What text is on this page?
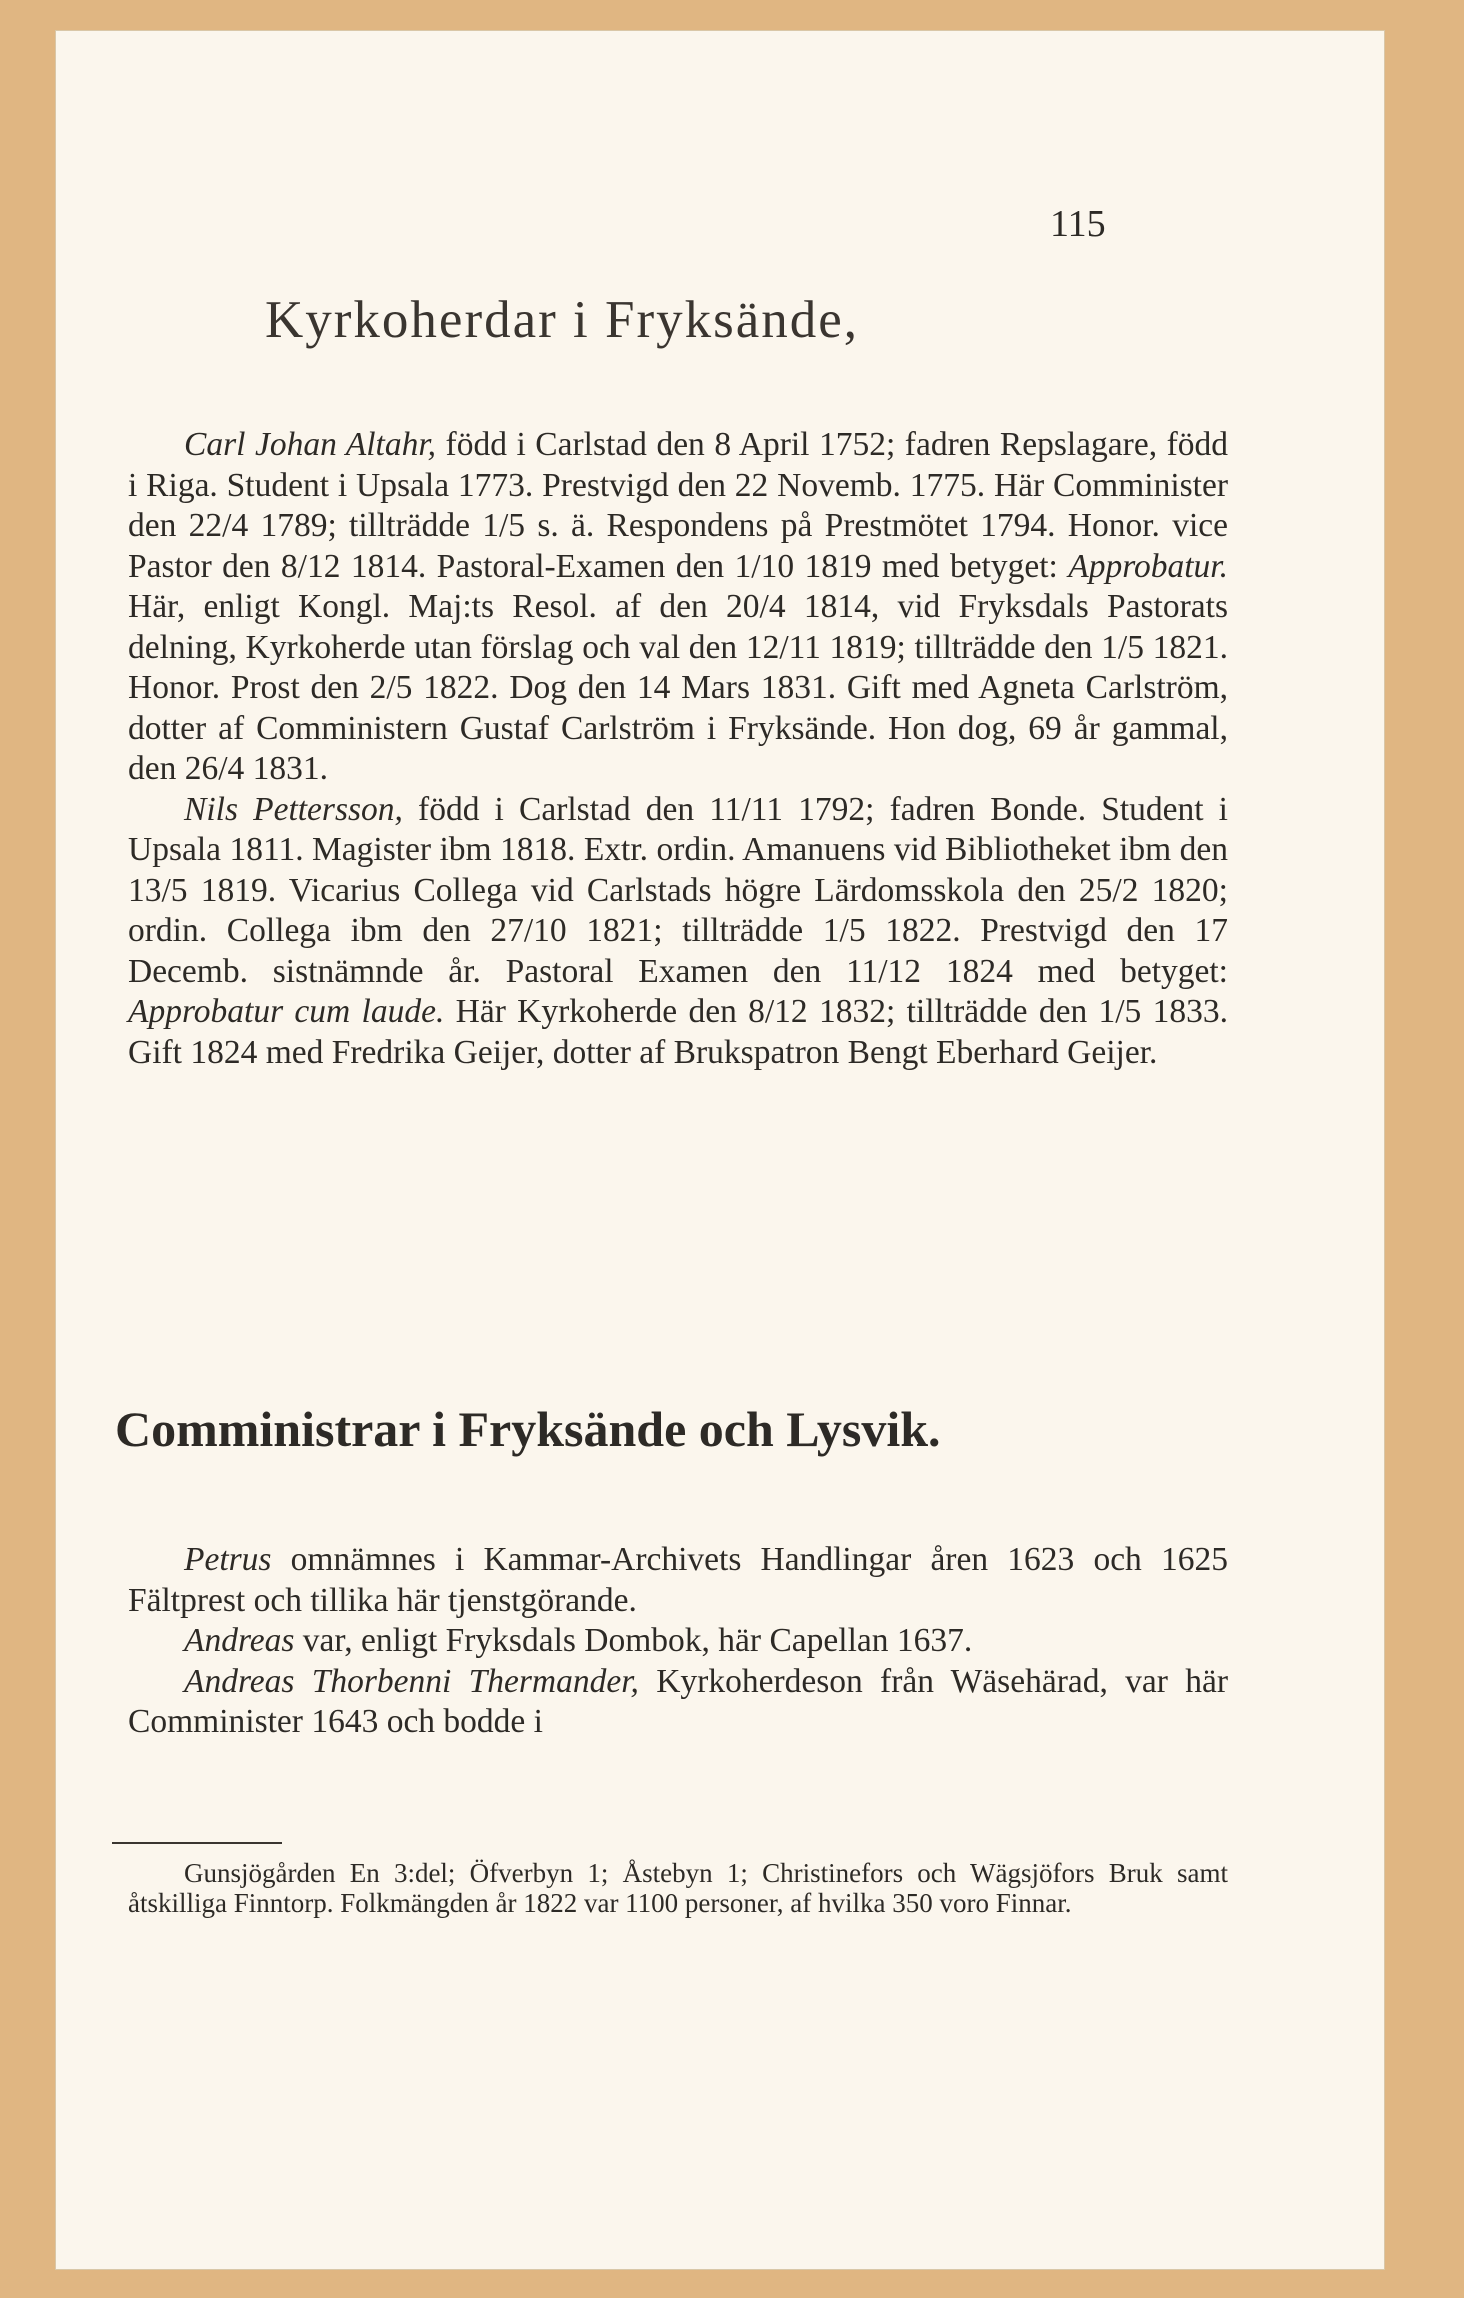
115
Kyrkoherdar i Fryksände,

Carl Johan Altahr, född i Carlstad den 8 April 1752; fadren Repslagare, född i Riga. Student i Upsala 1773. Prestvigd den 22 Novemb. 1775. Här Comminister den 22/4 1789; tillträdde 1/5 s. ä. Respondens på Prestmötet 1794. Honor. vice Pastor den 8/12 1814. Pastoral-Examen den 1/10 1819 med betyget: Approbatur. Här, enligt Kongl. Maj:ts Resol. af den 20/4 1814, vid Fryksdals Pastorats delning, Kyrkoherde utan förslag och val den 12/11 1819; tillträdde den 1/5 1821. Honor. Prost den 2/5 1822. Dog den 14 Mars 1831. Gift med Agneta Carlström, dotter af Comministern Gustaf Carlström i Fryksände. Hon dog, 69 år gammal, den 26/4 1831.

Nils Pettersson, född i Carlstad den 11/11 1792; fadren Bonde. Student i Upsala 1811. Magister ibm 1818. Extr. ordin. Amanuens vid Bibliotheket ibm den 13/5 1819. Vicarius Collega vid Carlstads högre Lärdomsskola den 25/2 1820; ordin. Collega ibm den 27/10 1821; tillträdde 1/5 1822. Prestvigd den 17 Decemb. sistnämnde år. Pastoral Examen den 11/12 1824 med betyget: Approbatur cum laude. Här Kyrkoherde den 8/12 1832; tillträdde den 1/5 1833. Gift 1824 med Fredrika Geijer, dotter af Brukspatron Bengt Eberhard Geijer.

Comministrar i Fryksände och Lysvik.

Petrus omnämnes i Kammar-Archivets Handlingar åren 1623 och 1625 Fältprest och tillika här tjenstgörande.

Andreas var, enligt Fryksdals Dombok, här Capellan 1637.

Andreas Thorbenni Thermander, Kyrkoherdeson från Wäsehärad, var här Comminister 1643 och bodde i

Gunsjögården En 3:del; Öfverbyn 1; Åstebyn 1; Christinefors och Wägsjöfors Bruk samt åtskilliga Finntorp. Folkmängden år 1822 var 1100 personer, af hvilka 350 voro Finnar.
